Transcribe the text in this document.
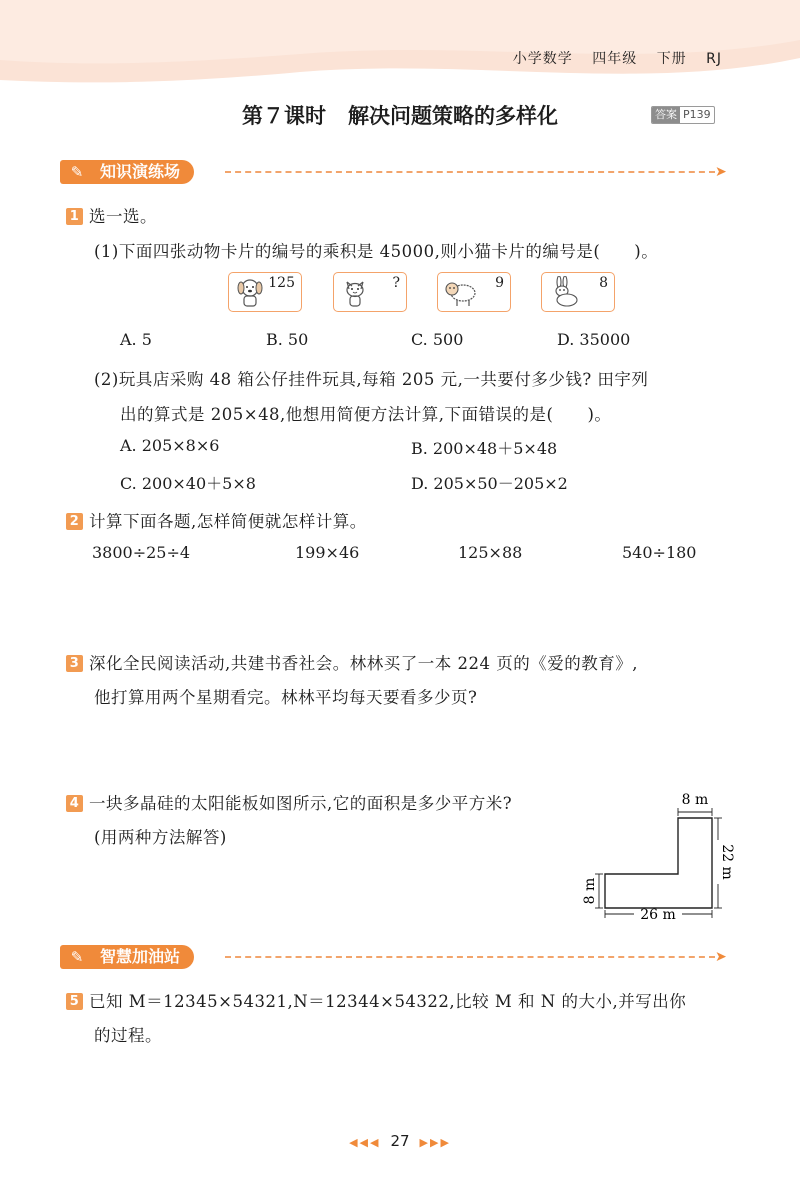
小学数学 四年级 下册 RJ
第７课时 解决问题策略的多样化	答案 P139
✎ 知识演练场	➤
1 选一选。
(1)下面四张动物卡片的编号的乘积是 45000,则小猫卡片的编号是(　　)。
125	?	9	8
A. 5	B. 50	C. 500	D. 35000
(2)玩具店采购 48 箱公仔挂件玩具,每箱 205 元,一共要付多少钱? 田宇列
出的算式是 205×48,他想用简便方法计算,下面错误的是(　　)。
A. 205×8×6	B. 200×48＋5×48
C. 200×40＋5×8	D. 205×50－205×2
2 计算下面各题,怎样简便就怎样计算。
3800÷25÷4	199×46	125×88	540÷180
3 深化全民阅读活动,共建书香社会。林林买了一本 224 页的《爱的教育》,
他打算用两个星期看完。林林平均每天要看多少页?
4 一块多晶硅的太阳能板如图所示,它的面积是多少平方米?
(用两种方法解答)
8 m
22 m
8 m
26 m
✎ 智慧加油站	➤
5 已知 M＝12345×54321,N＝12344×54322,比较 M 和 N 的大小,并写出你
的过程。
◀◀◀ 27 ▶▶▶
